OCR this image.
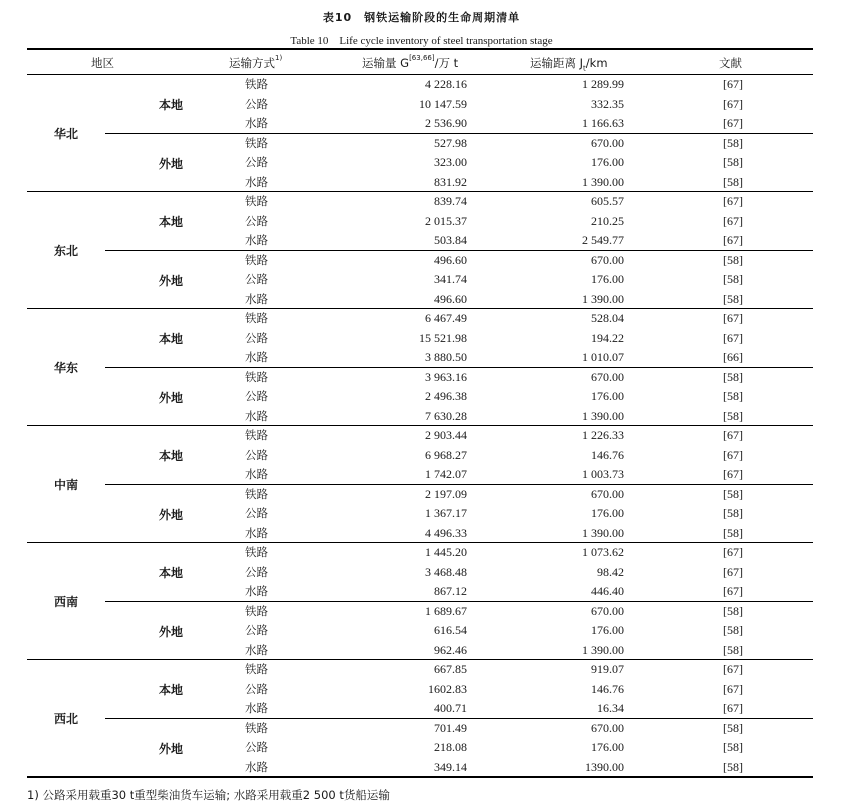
表10　钢铁运输阶段的生命周期清单
Table 10　Life cycle inventory of steel transportation stage
地区	运输方式$^{1)}$	运输量 G[63,66]/万 t	运输距离 $J_t/km$	文献
华北
本地
铁路	4 228.16	1 289.99	[67]
公路	10 147.59	332.35	[67]
水路	2 536.90	1 166.63	[67]
外地
铁路	527.98	670.00	[58]
公路	323.00	176.00	[58]
水路	831.92	1 390.00	[58]
东北
本地
铁路	839.74	605.57	[67]
公路	2 015.37	210.25	[67]
水路	503.84	2 549.77	[67]
外地
铁路	496.60	670.00	[58]
公路	341.74	176.00	[58]
水路	496.60	1 390.00	[58]
华东
本地
铁路	6 467.49	528.04	[67]
公路	15 521.98	194.22	[67]
水路	3 880.50	1 010.07	[66]
外地
铁路	3 963.16	670.00	[58]
公路	2 496.38	176.00	[58]
水路	7 630.28	1 390.00	[58]
中南
本地
铁路	2 903.44	1 226.33	[67]
公路	6 968.27	146.76	[67]
水路	1 742.07	1 003.73	[67]
外地
铁路	2 197.09	670.00	[58]
公路	1 367.17	176.00	[58]
水路	4 496.33	1 390.00	[58]
西南
本地
铁路	1 445.20	1 073.62	[67]
公路	3 468.48	98.42	[67]
水路	867.12	446.40	[67]
外地
铁路	1 689.67	670.00	[58]
公路	616.54	176.00	[58]
水路	962.46	1 390.00	[58]
西北
本地
铁路	667.85	919.07	[67]
公路	1602.83	146.76	[67]
水路	400.71	16.34	[67]
外地
铁路	701.49	670.00	[58]
公路	218.08	176.00	[58]
水路	349.14	1390.00	[58]
1) 公路采用载重30 t重型柴油货车运输; 水路采用载重2 500 t货船运输
